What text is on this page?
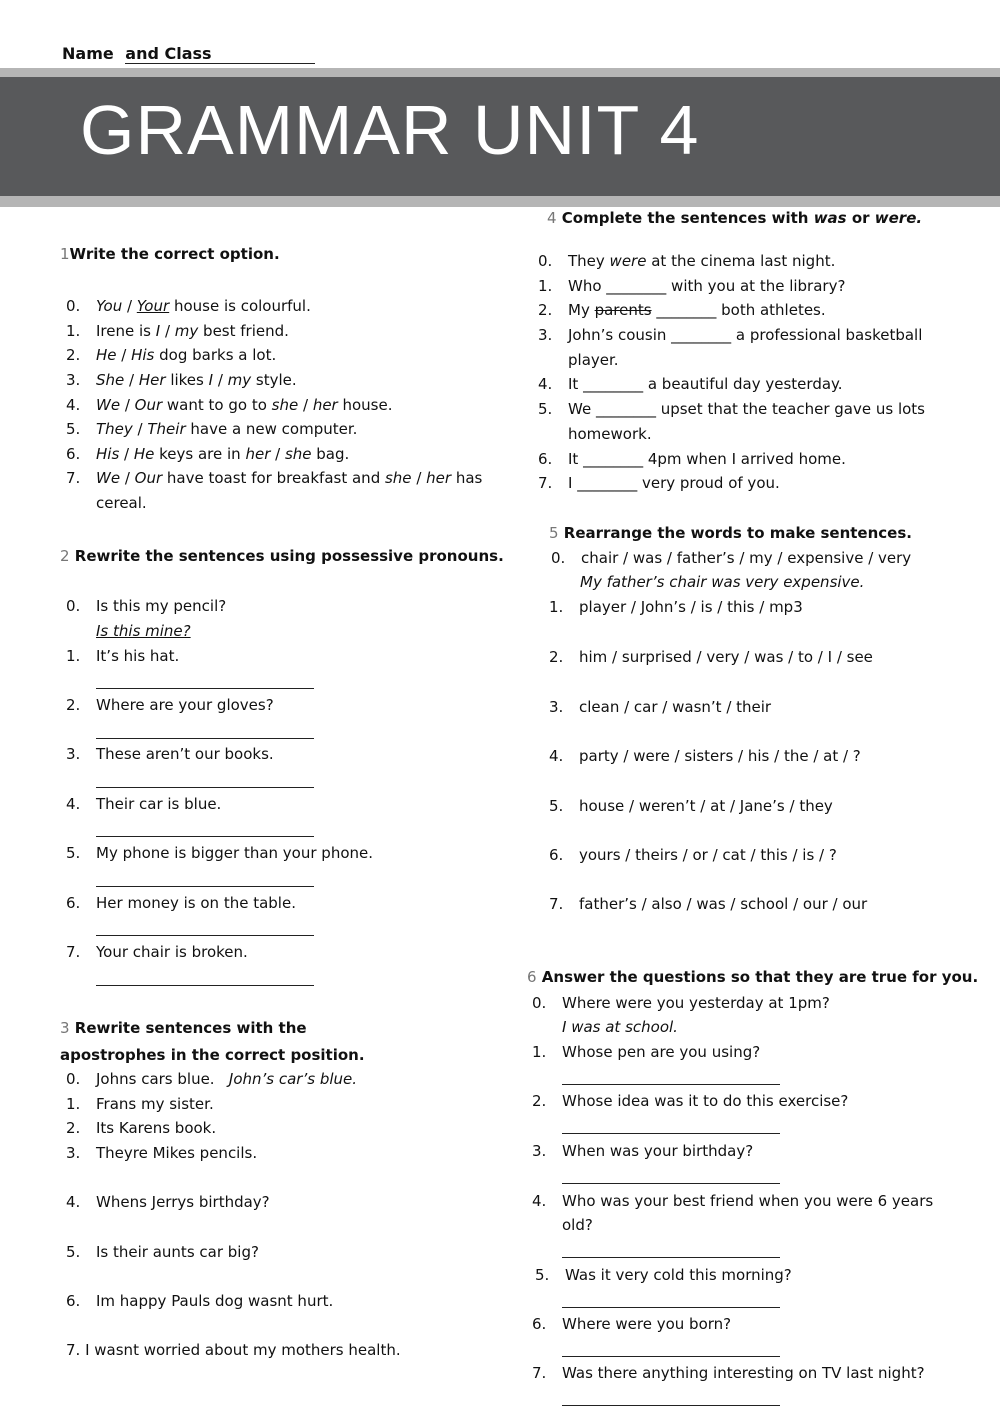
Name and Class
GRAMMAR UNIT 4
1Write the correct option.
0. You / Your house is colourful.
1. Irene is I / my best friend.
2. He / His dog barks a lot.
3. She / Her likes I / my style.
4. We / Our want to go to she / her house.
5. They / Their have a new computer.
6. His / He keys are in her / she bag.
7. We / Our have toast for breakfast and she / her has
cereal.
2 Rewrite the sentences using possessive pronouns.
0. Is this my pencil?
Is this mine?
1. It’s his hat.
2. Where are your gloves?
3. These aren’t our books.
4. Their car is blue.
5. My phone is bigger than your phone.
6. Her money is on the table.
7. Your chair is broken.
3 Rewrite sentences with the
apostrophes in the correct position.
0. Johns cars blue. John’s car’s blue.
1. Frans my sister.
2. Its Karens book.
3. Theyre Mikes pencils.
4. Whens Jerrys birthday?
5. Is their aunts car big?
6. Im happy Pauls dog wasnt hurt.
7. I wasnt worried about my mothers health.
4 Complete the sentences with was or were.
0. They were at the cinema last night.
1. Who ________ with you at the library?
2. My parents ________ both athletes.
3. John’s cousin ________ a professional basketball
player.
4. It ________ a beautiful day yesterday.
5. We ________ upset that the teacher gave us lots
homework.
6. It ________ 4pm when I arrived home.
7. I ________ very proud of you.
5 Rearrange the words to make sentences.
0. chair / was / father’s / my / expensive / very
My father’s chair was very expensive.
1. player / John’s / is / this / mp3
2. him / surprised / very / was / to / I / see
3. clean / car / wasn’t / their
4. party / were / sisters / his / the / at / ?
5. house / weren’t / at / Jane’s / they
6. yours / theirs / or / cat / this / is / ?
7. father’s / also / was / school / our / our
6 Answer the questions so that they are true for you.
0. Where were you yesterday at 1pm?
I was at school.
1. Whose pen are you using?
2. Whose idea was it to do this exercise?
3. When was your birthday?
4. Who was your best friend when you were 6 years
old?
5. Was it very cold this morning?
6. Where were you born?
7. Was there anything interesting on TV last night?
